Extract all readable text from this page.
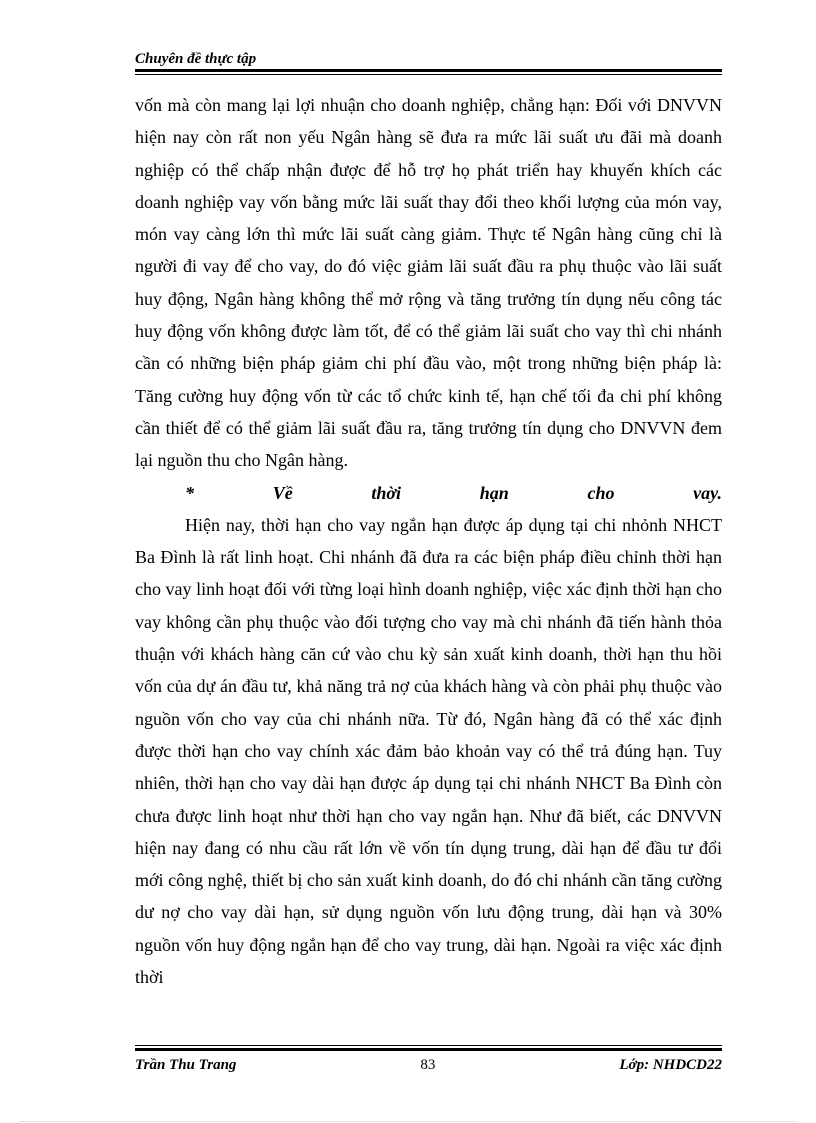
Chuyên đề thực tập

vốn mà còn mang lại lợi nhuận cho doanh nghiệp, chẳng hạn: Đối với DNVVN hiện nay còn rất non yếu Ngân hàng sẽ đưa ra mức lãi suất ưu đãi mà doanh nghiệp có thể chấp nhận được để hỗ trợ họ phát triển hay khuyến khích các doanh nghiệp vay vốn bằng mức lãi suất thay đổi theo khối lượng của món vay, món vay càng lớn thì mức lãi suất càng giảm. Thực tế Ngân hàng cũng chỉ là người đi vay để cho vay, do đó việc giảm lãi suất đầu ra phụ thuộc vào lãi suất huy động, Ngân hàng không thể mở rộng và tăng trưởng tín dụng nếu công tác huy động vốn không được làm tốt, để có thể giảm lãi suất cho vay thì chi nhánh cần có những biện pháp giảm chi phí đầu vào, một trong những biện pháp là: Tăng cường huy động vốn từ các tổ chức kinh tế, hạn chế tối đa chi phí không cần thiết để có thể giảm lãi suất đầu ra, tăng trưởng tín dụng cho DNVVN đem lại nguồn thu cho Ngân hàng.

*	Về	thời	hạn	cho	vay.

Hiện nay, thời hạn cho vay ngắn hạn được áp dụng tại chi nhỏnh NHCT Ba Đình là rất linh hoạt. Chi nhánh đã đưa ra các biện pháp điều chỉnh thời hạn cho vay linh hoạt đối với từng loại hình doanh nghiệp, việc xác định thời hạn cho vay không cần phụ thuộc vào đối tượng cho vay mà chi nhánh đã tiến hành thỏa thuận với khách hàng căn cứ vào chu kỳ sản xuất kinh doanh, thời hạn thu hồi vốn của dự án đầu tư, khả năng trả nợ của khách hàng và còn phải phụ thuộc vào nguồn vốn cho vay của chi nhánh nữa. Từ đó, Ngân hàng đã có thể xác định được thời hạn cho vay chính xác đảm bảo khoản vay có thể trả đúng hạn. Tuy nhiên, thời hạn cho vay dài hạn được áp dụng tại chi nhánh NHCT Ba Đình còn chưa được linh hoạt như thời hạn cho vay ngắn hạn. Như đã biết, các DNVVN hiện nay đang có nhu cầu rất lớn về vốn tín dụng trung, dài hạn để đầu tư đổi mới công nghệ, thiết bị cho sản xuất kinh doanh, do đó chi nhánh cần tăng cường dư nợ cho vay dài hạn, sử dụng nguồn vốn lưu động trung, dài hạn và 30% nguồn vốn huy động ngắn hạn để cho vay trung, dài hạn. Ngoài ra việc xác định thời

Trần Thu Trang	83	Lớp: NHDCD22
